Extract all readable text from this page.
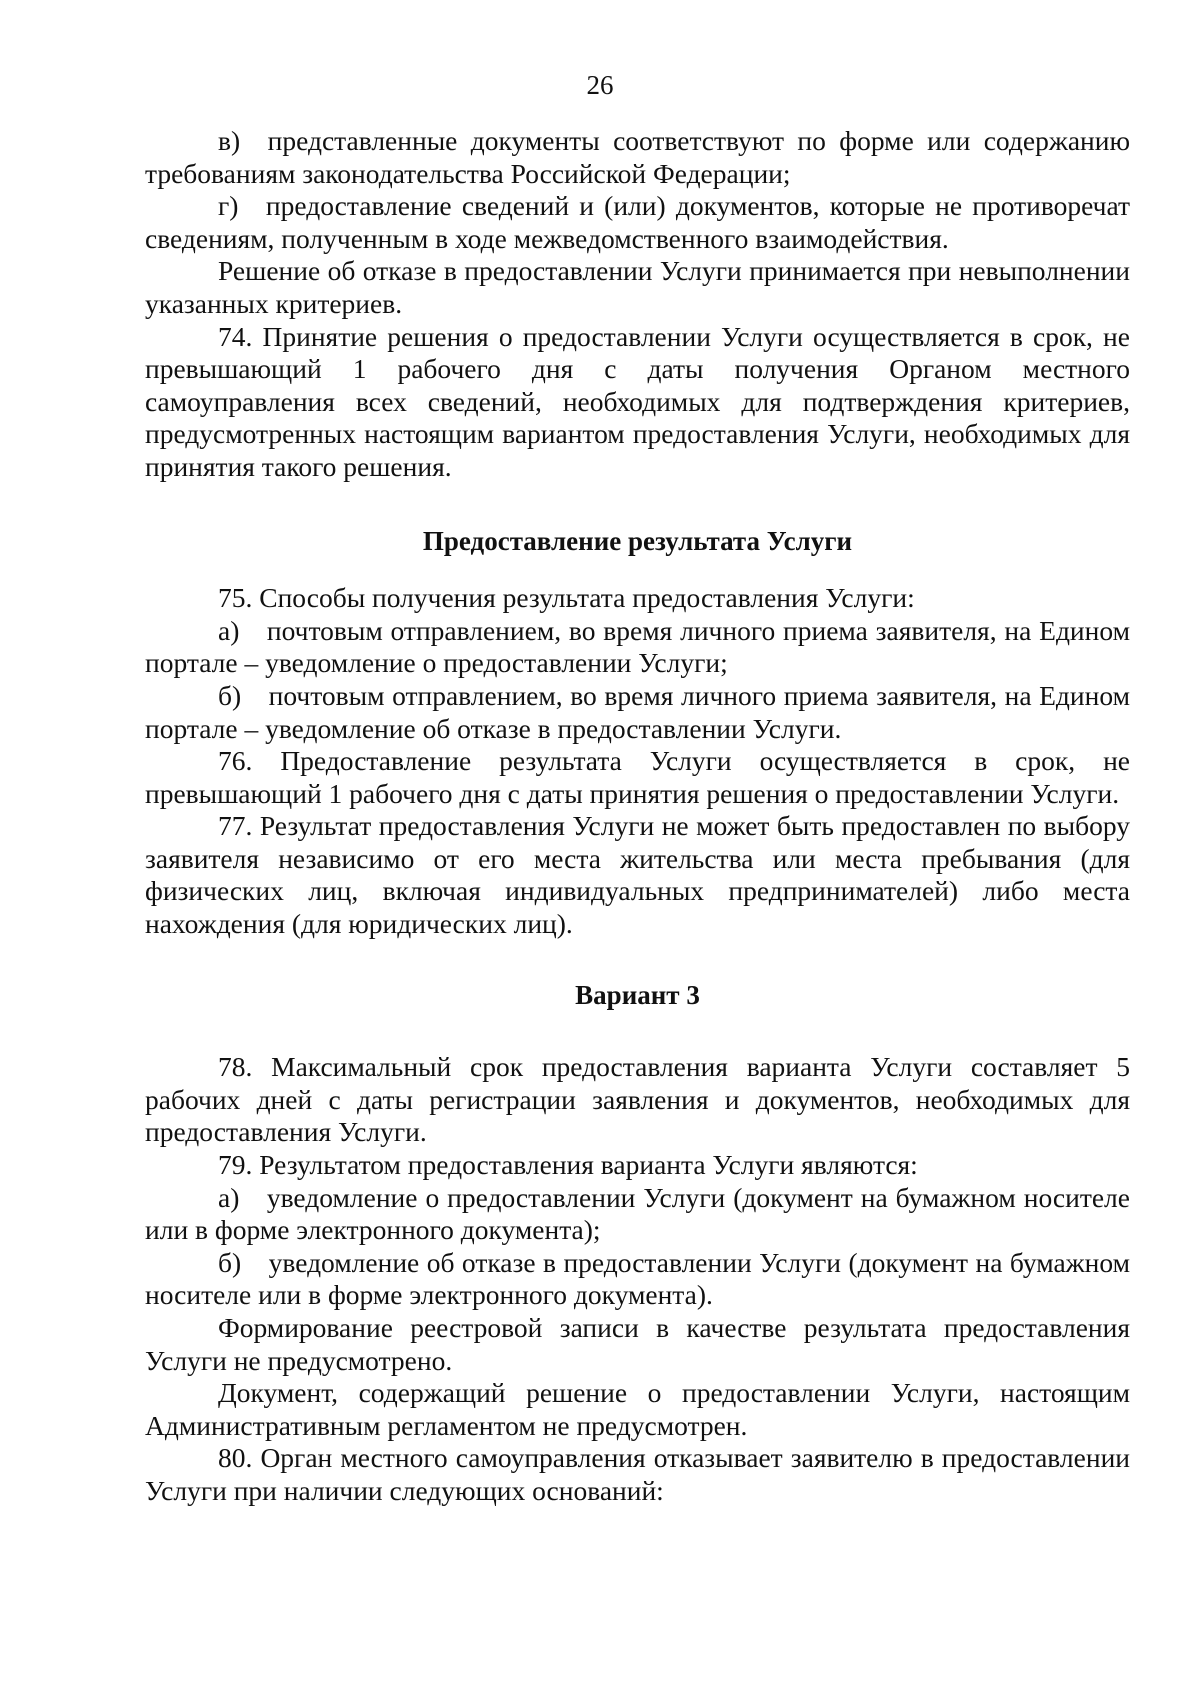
26

в) представленные документы соответствуют по форме или содержанию требованиям законодательства Российской Федерации;

г) предоставление сведений и (или) документов, которые не противоречат сведениям, полученным в ходе межведомственного взаимодействия.

Решение об отказе в предоставлении Услуги принимается при невыполнении указанных критериев.

74. Принятие решения о предоставлении Услуги осуществляется в срок, не превышающий 1 рабочего дня с даты получения Органом местного самоуправления всех сведений, необходимых для подтверждения критериев, предусмотренных настоящим вариантом предоставления Услуги, необходимых для принятия такого решения.

Предоставление результата Услуги

75. Способы получения результата предоставления Услуги:

а) почтовым отправлением, во время личного приема заявителя, на Едином портале – уведомление о предоставлении Услуги;

б) почтовым отправлением, во время личного приема заявителя, на Едином портале – уведомление об отказе в предоставлении Услуги.

76. Предоставление результата Услуги осуществляется в срок, не превышающий 1 рабочего дня с даты принятия решения о предоставлении Услуги.

77. Результат предоставления Услуги не может быть предоставлен по выбору заявителя независимо от его места жительства или места пребывания (для физических лиц, включая индивидуальных предпринимателей) либо места нахождения (для юридических лиц).

Вариант 3

78. Максимальный срок предоставления варианта Услуги составляет 5 рабочих дней с даты регистрации заявления и документов, необходимых для предоставления Услуги.

79. Результатом предоставления варианта Услуги являются:

а) уведомление о предоставлении Услуги (документ на бумажном носителе или в форме электронного документа);

б) уведомление об отказе в предоставлении Услуги (документ на бумажном носителе или в форме электронного документа).

Формирование реестровой записи в качестве результата предоставления Услуги не предусмотрено.

Документ, содержащий решение о предоставлении Услуги, настоящим Административным регламентом не предусмотрен.

80. Орган местного самоуправления отказывает заявителю в предоставлении Услуги при наличии следующих оснований:
